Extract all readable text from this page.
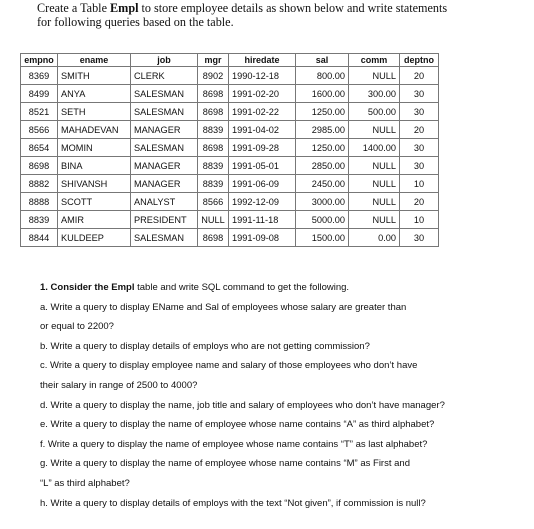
Create a Table Empl to store employee details as shown below and write statements
for following queries based on the table.
empno	ename	job	mgr	hiredate	sal	comm	deptno
8369	SMITH	CLERK	8902	1990-12-18	800.00	NULL	20
8499	ANYA	SALESMAN	8698	1991-02-20	1600.00	300.00	30
8521	SETH	SALESMAN	8698	1991-02-22	1250.00	500.00	30
8566	MAHADEVAN	MANAGER	8839	1991-04-02	2985.00	NULL	20
8654	MOMIN	SALESMAN	8698	1991-09-28	1250.00	1400.00	30
8698	BINA	MANAGER	8839	1991-05-01	2850.00	NULL	30
8882	SHIVANSH	MANAGER	8839	1991-06-09	2450.00	NULL	10
8888	SCOTT	ANALYST	8566	1992-12-09	3000.00	NULL	20
8839	AMIR	PRESIDENT	NULL	1991-11-18	5000.00	NULL	10
8844	KULDEEP	SALESMAN	8698	1991-09-08	1500.00	0.00	30

1. Consider the Empl table and write SQL command to get the following.

a. Write a query to display EName and Sal of employees whose salary are greater than

or equal to 2200?

b. Write a query to display details of employs who are not getting commission?

c. Write a query to display employee name and salary of those employees who don’t have

their salary in range of 2500 to 4000?

d. Write a query to display the name, job title and salary of employees who don’t have manager?

e. Write a query to display the name of employee whose name contains “A” as third alphabet?

f. Write a query to display the name of employee whose name contains “T” as last alphabet?

g. Write a query to display the name of employee whose name contains “M” as First and

“L” as third alphabet?

h. Write a query to display details of employs with the text “Not given”, if commission is null?
